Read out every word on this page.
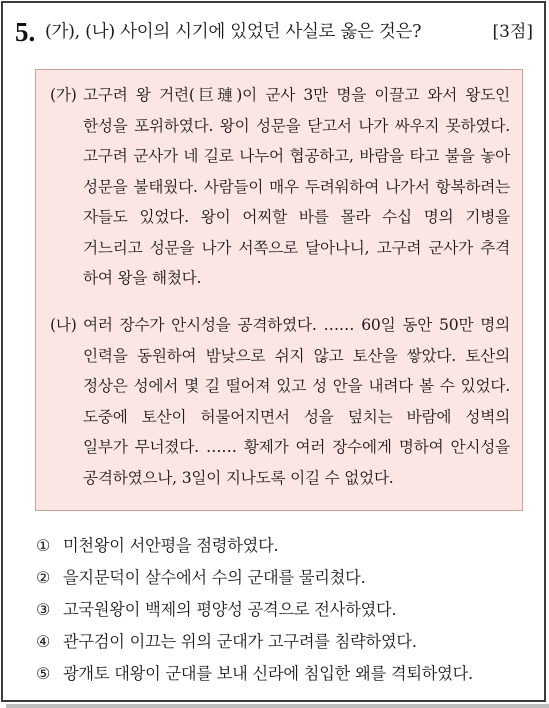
5. (가), (나) 사이의 시기에 있었던 사실로 옳은 것은?	[3점]
(가) 고구려 왕 거련(巨璉)이 군사 3만 명을 이끌고 와서 왕도인
한성을 포위하였다. 왕이 성문을 닫고서 나가 싸우지 못하였다.
고구려 군사가 네 길로 나누어 협공하고, 바람을 타고 불을 놓아
성문을 불태웠다. 사람들이 매우 두려워하여 나가서 항복하려는
자들도 있었다. 왕이 어찌할 바를 몰라 수십 명의 기병을
거느리고 성문을 나가 서쪽으로 달아나니, 고구려 군사가 추격
하여 왕을 해쳤다.
(나) 여러 장수가 안시성을 공격하였다. …… 60일 동안 50만 명의
인력을 동원하여 밤낮으로 쉬지 않고 토산을 쌓았다. 토산의
정상은 성에서 몇 길 떨어져 있고 성 안을 내려다 볼 수 있었다.
도중에 토산이 허물어지면서 성을 덮치는 바람에 성벽의
일부가 무너졌다. …… 황제가 여러 장수에게 명하여 안시성을
공격하였으나, 3일이 지나도록 이길 수 없었다.
① 미천왕이 서안평을 점령하였다.
② 을지문덕이 살수에서 수의 군대를 물리쳤다.
③ 고국원왕이 백제의 평양성 공격으로 전사하였다.
④ 관구검이 이끄는 위의 군대가 고구려를 침략하였다.
⑤ 광개토 대왕이 군대를 보내 신라에 침입한 왜를 격퇴하였다.
